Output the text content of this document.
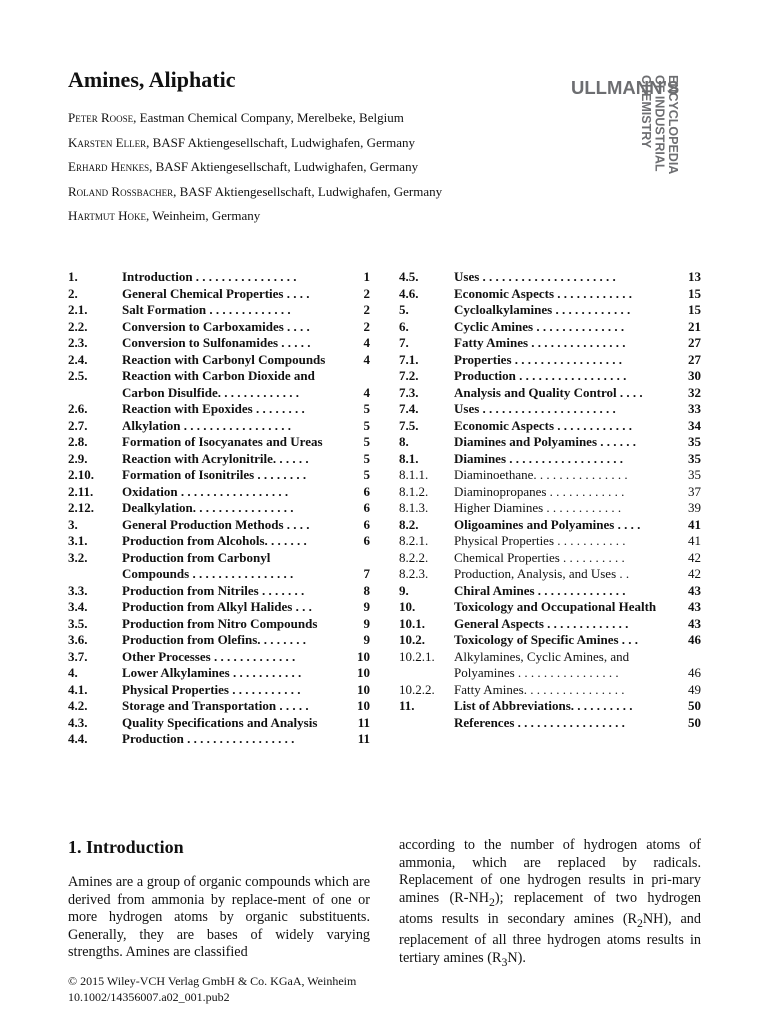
Amines, Aliphatic	ULLMANN'S
ENCYCLOPEDIA
OF INDUSTRIAL
CHEMISTRY
Peter Roose, Eastman Chemical Company, Merelbeke, Belgium
Karsten Eller, BASF Aktiengesellschaft, Ludwighafen, Germany
Erhard Henkes, BASF Aktiengesellschaft, Ludwighafen, Germany
Roland Rossbacher, BASF Aktiengesellschaft, Ludwighafen, Germany
Hartmut Hoke, Weinheim, Germany
1.	Introduction . . . . . . . . . . . . . . . .	1
2.	General Chemical Properties . . . .	2
2.1.	Salt Formation . . . . . . . . . . . . .	2
2.2.	Conversion to Carboxamides . . . .	2
2.3.	Conversion to Sulfonamides . . . . .	4
2.4.	Reaction with Carbonyl Compounds	4
2.5.	Reaction with Carbon Dioxide and
Carbon Disulfide. . . . . . . . . . . . .	4
2.6.	Reaction with Epoxides . . . . . . . .	5
2.7.	Alkylation . . . . . . . . . . . . . . . . .	5
2.8.	Formation of Isocyanates and Ureas	5
2.9.	Reaction with Acrylonitrile. . . . . .	5
2.10. Formation of Isonitriles . . . . . . . .	5
2.11. Oxidation . . . . . . . . . . . . . . . . .	6
2.12. Dealkylation. . . . . . . . . . . . . . . .	6
3.	General Production Methods . . . .	6
3.1.	Production from Alcohols. . . . . . .	6
3.2.	Production from Carbonyl
Compounds . . . . . . . . . . . . . . . .	7
3.3.	Production from Nitriles . . . . . . .	8
3.4.	Production from Alkyl Halides . . .	9
3.5.	Production from Nitro Compounds	9
3.6.	Production from Olefins. . . . . . . .	9
3.7.	Other Processes . . . . . . . . . . . . .	10
4.	Lower Alkylamines . . . . . . . . . . .	10
4.1.	Physical Properties . . . . . . . . . . .	10
4.2.	Storage and Transportation . . . . .	10
4.3.	Quality Specifications and Analysis	11
4.4.	Production . . . . . . . . . . . . . . . . .	11
4.5.	Uses . . . . . . . . . . . . . . . . . . . . .	13
4.6.	Economic Aspects . . . . . . . . . . . .	15
5.	Cycloalkylamines . . . . . . . . . . . .	15
6.	Cyclic Amines . . . . . . . . . . . . . .	21
7.	Fatty Amines . . . . . . . . . . . . . . .	27
7.1.	Properties . . . . . . . . . . . . . . . . .	27
7.2.	Production . . . . . . . . . . . . . . . . .	30
7.3.	Analysis and Quality Control . . . .	32
7.4.	Uses . . . . . . . . . . . . . . . . . . . . .	33
7.5.	Economic Aspects . . . . . . . . . . . .	34
8.	Diamines and Polyamines . . . . . .	35
8.1.	Diamines . . . . . . . . . . . . . . . . . .	35
8.1.1. Diaminoethane. . . . . . . . . . . . . . .	35
8.1.2. Diaminopropanes . . . . . . . . . . . .	37
8.1.3. Higher Diamines . . . . . . . . . . . .	39
8.2.	Oligoamines and Polyamines . . . .	41
8.2.1. Physical Properties . . . . . . . . . . .	41
8.2.2. Chemical Properties . . . . . . . . . .	42
8.2.3. Production, Analysis, and Uses . .	42
9.	Chiral Amines . . . . . . . . . . . . . .	43
10.	Toxicology and Occupational Health	43
10.1. General Aspects . . . . . . . . . . . . .	43
10.2. Toxicology of Specific Amines . . .	46
10.2.1. Alkylamines, Cyclic Amines, and
Polyamines . . . . . . . . . . . . . . . .	46
10.2.2. Fatty Amines. . . . . . . . . . . . . . . .	49
11.	List of Abbreviations. . . . . . . . . .	50
References . . . . . . . . . . . . . . . . .	50
1. Introduction
Amines are a group of organic compounds which are derived from ammonia by replace-ment of one or more hydrogen atoms by organic substituents. Generally, they are bases of widely varying strengths. Amines are classified
according to the number of hydrogen atoms of ammonia, which are replaced by radicals. Replacement of one hydrogen results in pri-mary amines $(R-NH_2)$; replacement of two hydrogen atoms results in secondary amines $(R_2NH)$, and replacement of all three hydrogen atoms results in tertiary amines $(R_3N)$.
© 2015 Wiley-VCH Verlag GmbH & Co. KGaA, Weinheim
10.1002/14356007.a02_001.pub2
